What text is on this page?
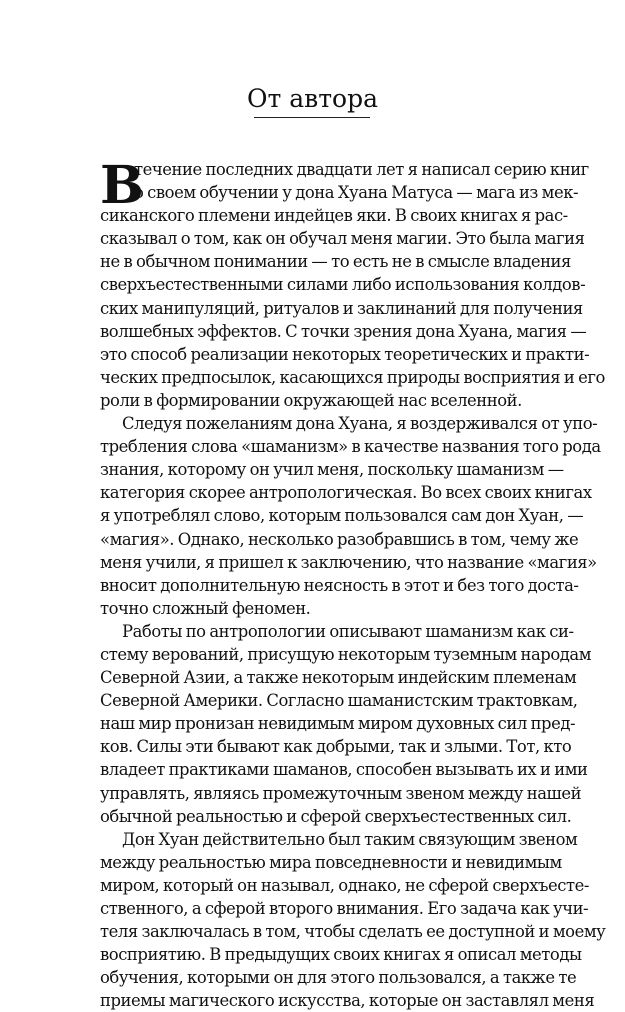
От автора
В
течение последних двадцати лет я написал серию книг
о своем обучении у дона Хуана Матуса — мага из мек-
сиканского племени индейцев яки. В своих книгах я рас-
сказывал о том, как он обучал меня магии. Это была магия
не в обычном понимании — то есть не в смысле владения
сверхъестественными силами либо использования колдов-
ских манипуляций, ритуалов и заклинаний для получения
волшебных эффектов. С точки зрения дона Хуана, магия —
это способ реализации некоторых теоретических и практи-
ческих предпосылок, касающихся природы восприятия и его
роли в формировании окружающей нас вселенной.
Следуя пожеланиям дона Хуана, я воздерживался от упо-
требления слова «шаманизм» в качестве названия того рода
знания, которому он учил меня, поскольку шаманизм —
категория скорее антропологическая. Во всех своих книгах
я употреблял слово, которым пользовался сам дон Хуан, —
«магия». Однако, несколько разобравшись в том, чему же
меня учили, я пришел к заключению, что название «магия»
вносит дополнительную неясность в этот и без того доста-
точно сложный феномен.
Работы по антропологии описывают шаманизм как си-
стему верований, присущую некоторым туземным народам
Северной Азии, а также некоторым индейским племенам
Северной Америки. Согласно шаманистским трактовкам,
наш мир пронизан невидимым миром духовных сил пред-
ков. Силы эти бывают как добрыми, так и злыми. Тот, кто
владеет практиками шаманов, способен вызывать их и ими
управлять, являясь промежуточным звеном между нашей
обычной реальностью и сферой сверхъестественных сил.
Дон Хуан действительно был таким связующим звеном
между реальностью мира повседневности и невидимым
миром, который он называл, однако, не сферой сверхъесте-
ственного, а сферой второго внимания. Его задача как учи-
теля заключалась в том, чтобы сделать ее доступной и моему
восприятию. В предыдущих своих книгах я описал методы
обучения, которыми он для этого пользовался, а также те
приемы магического искусства, которые он заставлял меня
